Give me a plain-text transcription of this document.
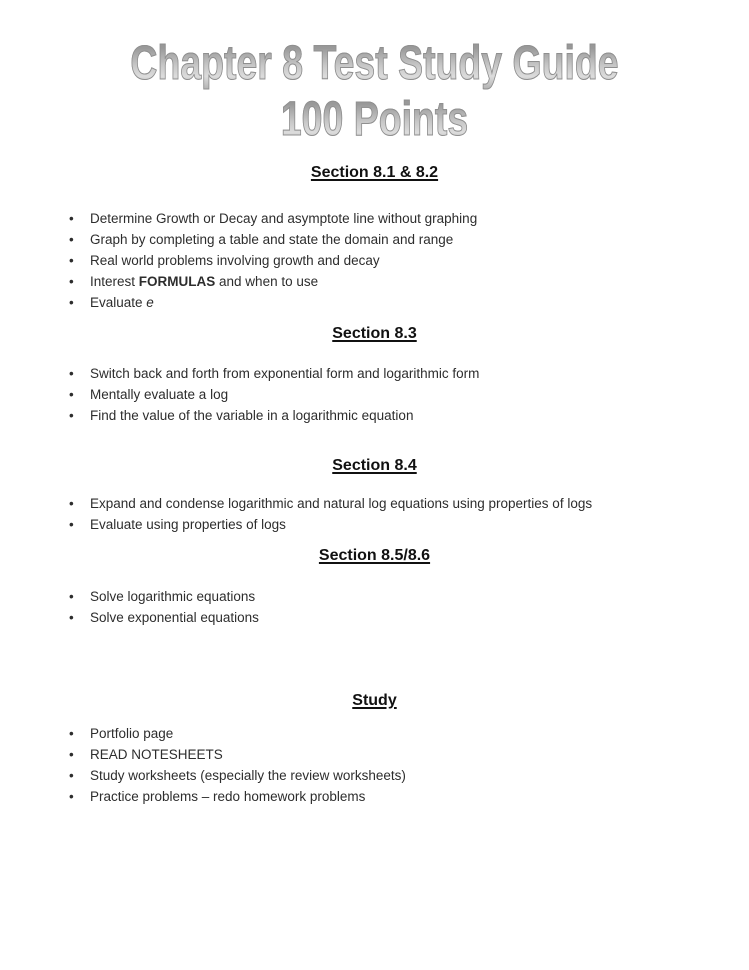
Chapter 8 Test Study Guide
100 Points
Section 8.1 & 8.2
• Determine Growth or Decay and asymptote line without graphing
• Graph by completing a table and state the domain and range
• Real world problems involving growth and decay
• Interest FORMULAS and when to use
• Evaluate e
Section 8.3
• Switch back and forth from exponential form and logarithmic form
• Mentally evaluate a log
• Find the value of the variable in a logarithmic equation
Section 8.4
• Expand and condense logarithmic and natural log equations using properties of logs
• Evaluate using properties of logs
Section 8.5/8.6
• Solve logarithmic equations
• Solve exponential equations
Study
• Portfolio page
• READ NOTESHEETS
• Study worksheets (especially the review worksheets)
• Practice problems – redo homework problems
